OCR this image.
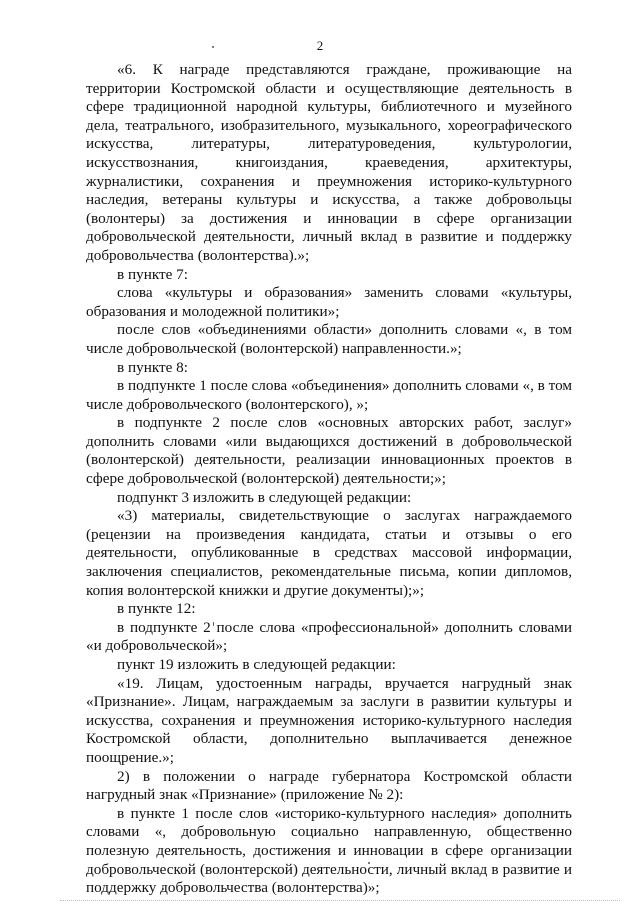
2

«6. К награде представляются граждане, проживающие на территории Костромской области и осуществляющие деятельность в сфере традиционной народной культуры, библиотечного и музейного дела, театрального, изобразительного, музыкального, хореографического искусства, литературы, литературоведения, культурологии, искусствознания, книгоиздания, краеведения, архитектуры, журналистики, сохранения и преумножения историко-культурного наследия, ветераны культуры и искусства, а также добровольцы (волонтеры) за достижения и инновации в сфере организации добровольческой деятельности, личный вклад в развитие и поддержку добровольчества (волонтерства).»;

в пункте 7:

слова «культуры и образования» заменить словами «культуры, образования и молодежной политики»;

после слов «объединениями области» дополнить словами «, в том числе добровольческой (волонтерской) направленности.»;

в пункте 8:

в подпункте 1 после слова «объединения» дополнить словами «, в том числе добровольческого (волонтерского), »;

в подпункте 2 после слов «основных авторских работ, заслуг» дополнить словами «или выдающихся достижений в добровольческой (волонтерской) деятельности, реализации инновационных проектов в сфере добровольческой (волонтерской) деятельности;»;

подпункт 3 изложить в следующей редакции:

«3) материалы, свидетельствующие о заслугах награждаемого (рецензии на произведения кандидата, статьи и отзывы о его деятельности, опубликованные в средствах массовой информации, заключения специалистов, рекомендательные письма, копии дипломов, копия волонтерской книжки и другие документы);»;

в пункте 12:

в подпункте 2 после слова «профессиональной» дополнить словами «и добровольческой»;

пункт 19 изложить в следующей редакции:

«19. Лицам, удостоенным награды, вручается нагрудный знак «Признание». Лицам, награждаемым за заслуги в развитии культуры и искусства, сохранения и преумножения историко-культурного наследия Костромской области, дополнительно выплачивается денежное поощрение.»;

2) в положении о награде губернатора Костромской области нагрудный знак «Признание» (приложение № 2):

в пункте 1 после слов «историко-культурного наследия» дополнить словами «, добровольную социально направленную, общественно полезную деятельность, достижения и инновации в сфере организации добровольческой (волонтерской) деятельности, личный вклад в развитие и поддержку добровольчества (волонтерства)»;
